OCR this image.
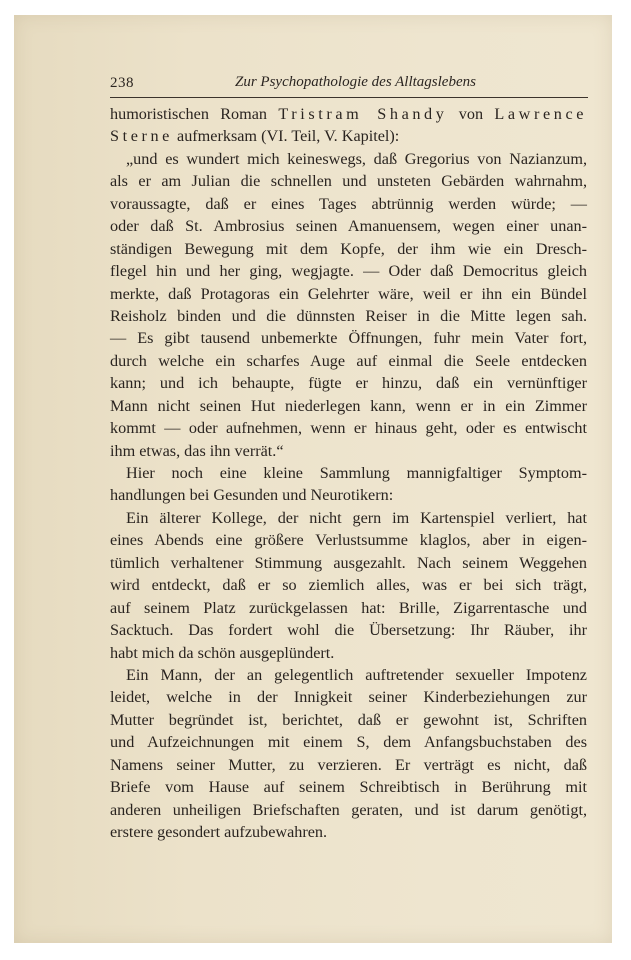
238	Zur Psychopathologie des Alltagslebens
humoristischen Roman Tristram Shandy von Lawrence
Sterne aufmerksam (VI. Teil, V. Kapitel):
„und es wundert mich keineswegs, daß Gregorius von Nazianzum,
als er am Julian die schnellen und unsteten Gebärden wahrnahm,
voraussagte, daß er eines Tages abtrünnig werden würde; —
oder daß St. Ambrosius seinen Amanuensem, wegen einer unan-
ständigen Bewegung mit dem Kopfe, der ihm wie ein Dresch-
flegel hin und her ging, wegjagte. — Oder daß Democritus gleich
merkte, daß Protagoras ein Gelehrter wäre, weil er ihn ein Bündel
Reisholz binden und die dünnsten Reiser in die Mitte legen sah.
— Es gibt tausend unbemerkte Öffnungen, fuhr mein Vater fort,
durch welche ein scharfes Auge auf einmal die Seele entdecken
kann; und ich behaupte, fügte er hinzu, daß ein vernünftiger
Mann nicht seinen Hut niederlegen kann, wenn er in ein Zimmer
kommt — oder aufnehmen, wenn er hinaus geht, oder es entwischt
ihm etwas, das ihn verrät.“
Hier noch eine kleine Sammlung mannigfaltiger Symptom-
handlungen bei Gesunden und Neurotikern:
Ein älterer Kollege, der nicht gern im Kartenspiel verliert, hat
eines Abends eine größere Verlustsumme klaglos, aber in eigen-
tümlich verhaltener Stimmung ausgezahlt. Nach seinem Weggehen
wird entdeckt, daß er so ziemlich alles, was er bei sich trägt,
auf seinem Platz zurückgelassen hat: Brille, Zigarrentasche und
Sacktuch. Das fordert wohl die Übersetzung: Ihr Räuber, ihr
habt mich da schön ausgeplündert.
Ein Mann, der an gelegentlich auftretender sexueller Impotenz
leidet, welche in der Innigkeit seiner Kinderbeziehungen zur
Mutter begründet ist, berichtet, daß er gewohnt ist, Schriften
und Aufzeichnungen mit einem S, dem Anfangsbuchstaben des
Namens seiner Mutter, zu verzieren. Er verträgt es nicht, daß
Briefe vom Hause auf seinem Schreibtisch in Berührung mit
anderen unheiligen Briefschaften geraten, und ist darum genötigt,
erstere gesondert aufzubewahren.
